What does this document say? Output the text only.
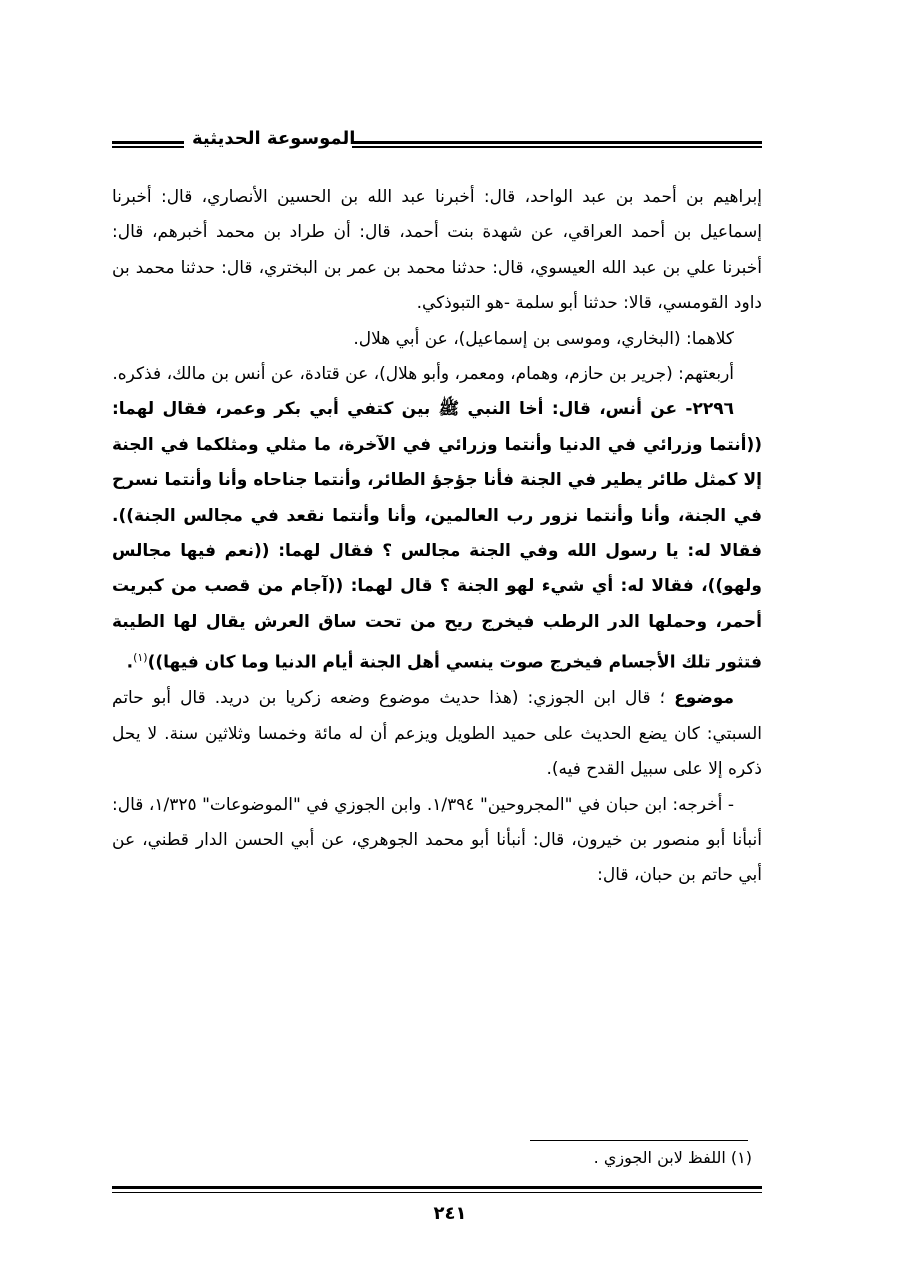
الموسوعة الحديثية

إبراهيم بن أحمد بن عبد الواحد، قال: أخبرنا عبد الله بن الحسين الأنصاري، قال: أخبرنا إسماعيل بن أحمد العراقي، عن شهدة بنت أحمد، قال: أن طراد بن محمد أخبرهم، قال: أخبرنا علي بن عبد الله العيسوي، قال: حدثنا محمد بن عمر بن البختري، قال: حدثنا محمد بن داود القومسي، قالا: حدثنا أبو سلمة -هو التبوذكي.

كلاهما: (البخاري، وموسى بن إسماعيل)، عن أبي هلال.

أربعتهم: (جرير بن حازم، وهمام، ومعمر، وأبو هلال)، عن قتادة، عن أنس بن مالك، فذكره.

٢٢٩٦- عن أنس، قال: أخا النبي ﷺ بين كتفي أبي بكر وعمر، فقال لهما: ((أنتما وزرائي في الدنيا وأنتما وزرائي في الآخرة، ما مثلي ومثلكما في الجنة إلا كمثل طائر يطير في الجنة فأنا جؤجؤ الطائر، وأنتما جناحاه وأنا وأنتما نسرح في الجنة، وأنا وأنتما نزور رب العالمين، وأنا وأنتما نقعد في مجالس الجنة)). فقالا له: يا رسول الله وفي الجنة مجالس ؟ فقال لهما: ((نعم فيها مجالس ولهو))، فقالا له: أي شيء لهو الجنة ؟ قال لهما: ((آجام من قصب من كبريت أحمر، وحملها الدر الرطب فيخرج ريح من تحت ساق العرش يقال لها الطيبة فتثور تلك الأجسام فيخرج صوت ينسي أهل الجنة أيام الدنيا وما كان فيها))$^{(١)}$.

موضوع ؛ قال ابن الجوزي: (هذا حديث موضوع وضعه زكريا بن دريد. قال أبو حاتم السبتي: كان يضع الحديث على حميد الطويل ويزعم أن له مائة وخمسا وثلاثين سنة. لا يحل ذكره إلا على سبيل القدح فيه).

- أخرجه: ابن حبان في "المجروحين" ١/٣٩٤. وابن الجوزي في "الموضوعات" ١/٣٢٥، قال: أنبأنا أبو منصور بن خيرون، قال: أنبأنا أبو محمد الجوهري، عن أبي الحسن الدار قطني، عن أبي حاتم بن حبان، قال:

(١) اللفظ لابن الجوزي .
٢٤١
